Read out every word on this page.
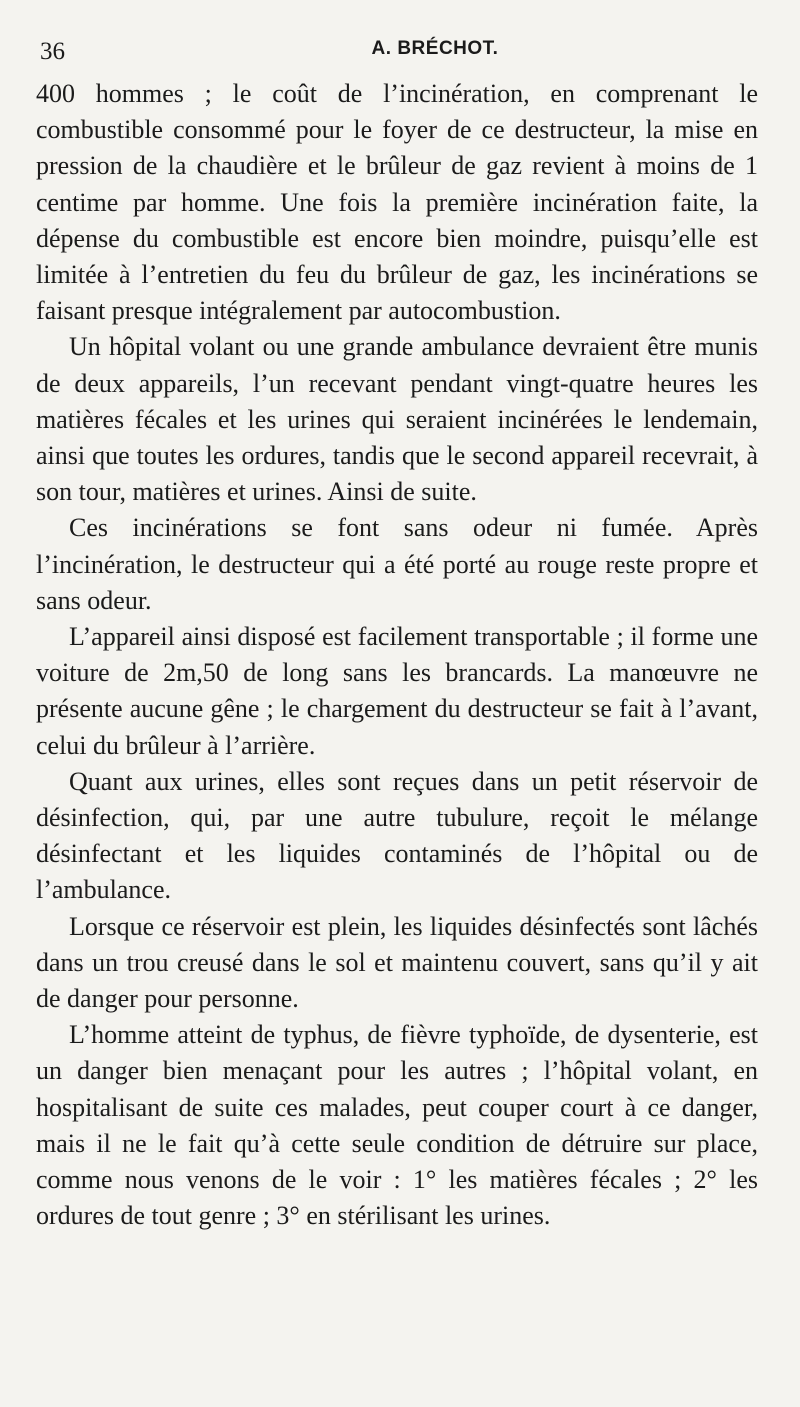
36	A. BRÉCHOT.

400 hommes ; le coût de l’incinération, en comprenant le combustible consommé pour le foyer de ce destructeur, la mise en pression de la chaudière et le brûleur de gaz revient à moins de 1 centime par homme. Une fois la première incinération faite, la dépense du combustible est encore bien moindre, puisqu’elle est limitée à l’entretien du feu du brûleur de gaz, les incinérations se faisant presque intégralement par autocombustion.

Un hôpital volant ou une grande ambulance devraient être munis de deux appareils, l’un recevant pendant vingt-quatre heures les matières fécales et les urines qui seraient incinérées le lendemain, ainsi que toutes les ordures, tandis que le second appareil recevrait, à son tour, matières et urines. Ainsi de suite.

Ces incinérations se font sans odeur ni fumée. Après l’incinération, le destructeur qui a été porté au rouge reste propre et sans odeur.

L’appareil ainsi disposé est facilement transportable ; il forme une voiture de 2m,50 de long sans les brancards. La manœuvre ne présente aucune gêne ; le chargement du destructeur se fait à l’avant, celui du brûleur à l’arrière.

Quant aux urines, elles sont reçues dans un petit réservoir de désinfection, qui, par une autre tubulure, reçoit le mélange désinfectant et les liquides contaminés de l’hôpital ou de l’ambulance.

Lorsque ce réservoir est plein, les liquides désinfectés sont lâchés dans un trou creusé dans le sol et maintenu couvert, sans qu’il y ait de danger pour personne.

L’homme atteint de typhus, de fièvre typhoïde, de dysenterie, est un danger bien menaçant pour les autres ; l’hôpital volant, en hospitalisant de suite ces malades, peut couper court à ce danger, mais il ne le fait qu’à cette seule condition de détruire sur place, comme nous venons de le voir : 1° les matières fécales ; 2° les ordures de tout genre ; 3° en stérilisant les urines.
